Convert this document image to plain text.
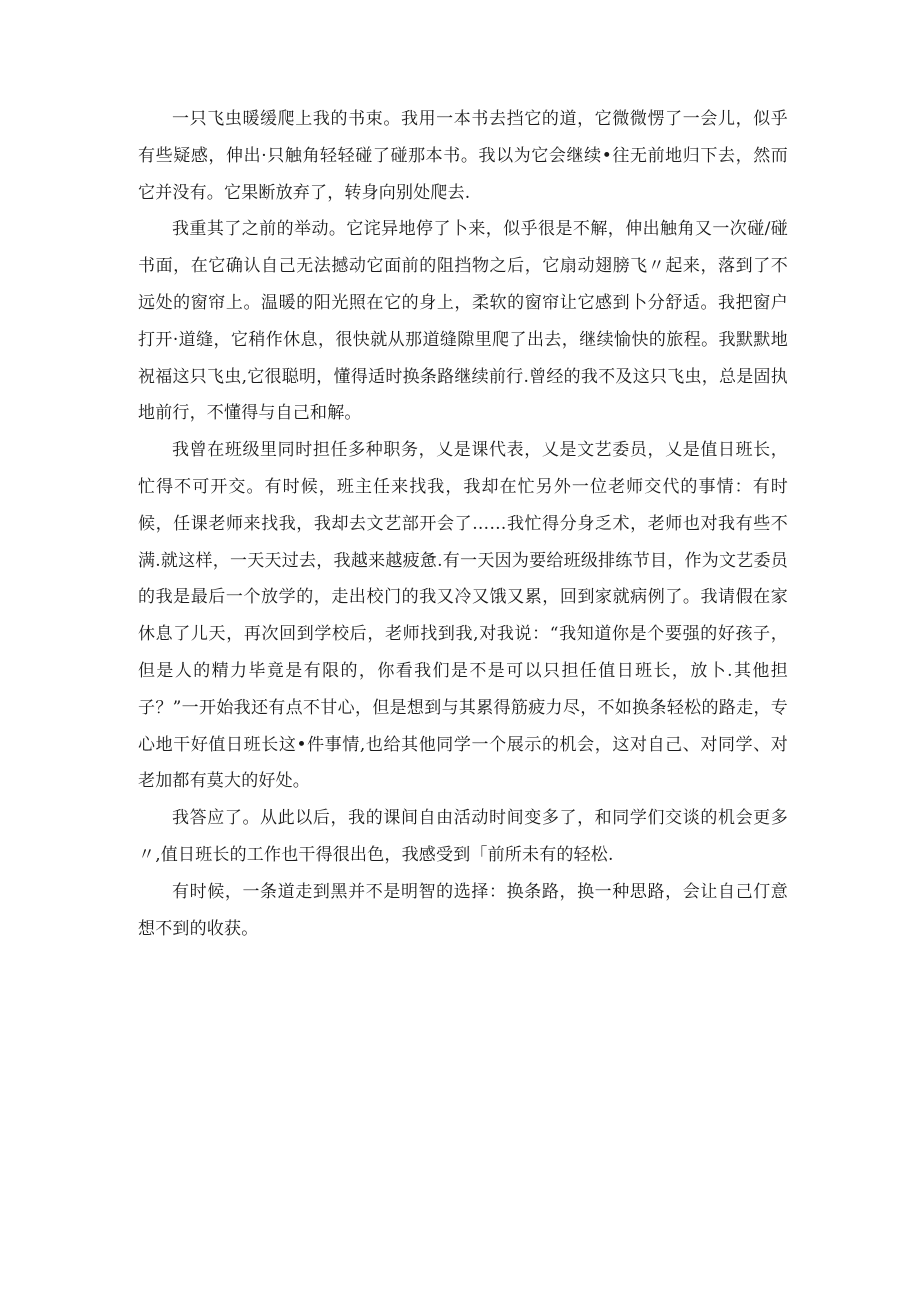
一只飞虫暖缓爬上我的书束。我用一本书去挡它的道，它微微愣了一会儿，似乎有些疑感，伸出·只触角轻轻碰了碰那本书。我以为它会继续•往无前地归下去，然而它并没有。它果断放弃了，转身向别处爬去.

我重其了之前的举动。它诧异地停了卜来，似乎很是不解，伸出触角又一次碰/碰书面，在它确认自己无法撼动它面前的阻挡物之后，它扇动翅膀飞〃起来，落到了不远处的窗帘上。温暖的阳光照在它的身上，柔软的窗帘让它感到卜分舒适。我把窗户打开·道缝，它稍作休息，很快就从那道缝隙里爬了出去，继续愉快的旅程。我默默地祝福这只飞虫,它很聪明，懂得适时换条路继续前行.曾经的我不及这只飞虫，总是固执地前行，不懂得与自己和解。

我曾在班级里同时担任多种职务，乂是课代表，乂是文艺委员，乂是值日班长，忙得不可开交。有时候，班主任来找我，我却在忙另外一位老师交代的事情：有时候，任课老师来找我，我却去文艺部开会了……我忙得分身乏术，老师也对我有些不满.就这样，一天天过去，我越来越疲惫.有一天因为要给班级排练节目，作为文艺委员的我是最后一个放学的，走出校门的我又冷又饿又累，回到家就病例了。我请假在家休息了儿天，再次回到学校后，老师找到我,对我说：“我知道你是个要强的好孩子，但是人的精力毕竟是有限的，你看我们是不是可以只担任值日班长，放卜.其他担子？”一开始我还有点不甘心，但是想到与其累得筋疲力尽，不如换条轻松的路走，专心地干好值日班长这•件事情,也给其他同学一个展示的机会，这对自己、对同学、对老加都有莫大的好处。

我答应了。从此以后，我的课间自由活动时间变多了，和同学们交谈的机会更多〃,值日班长的工作也干得很出色，我感受到「前所未有的轻松.

有时候，一条道走到黑并不是明智的选择：换条路，换一种思路，会让自己仃意想不到的收获。
